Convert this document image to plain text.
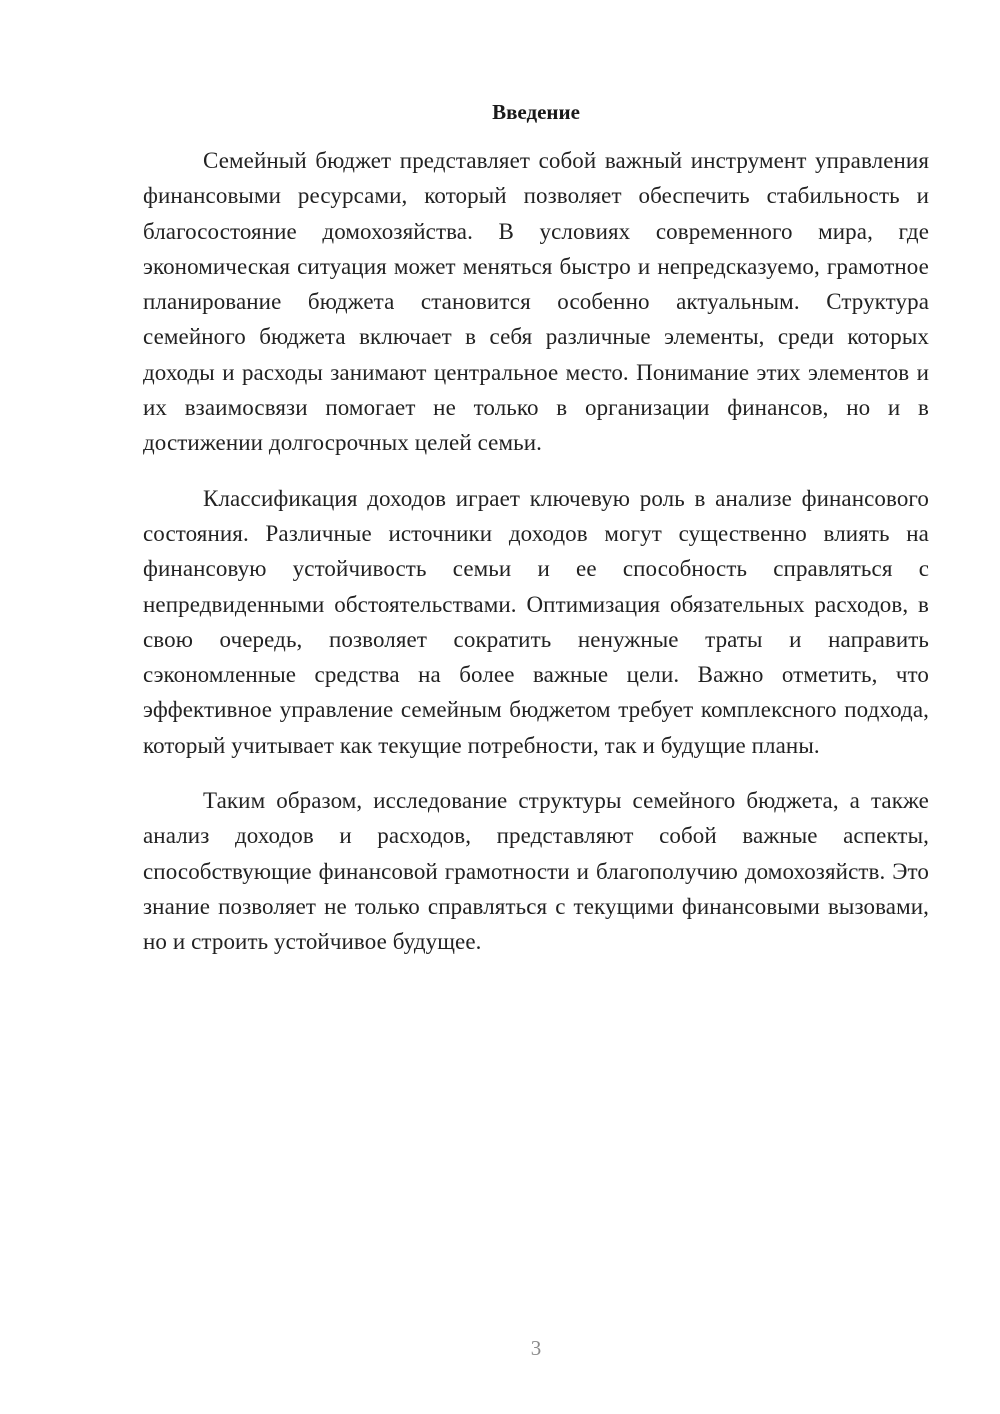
Введение

Семейный бюджет представляет собой важный инструмент управления финансовыми ресурсами, который позволяет обеспечить стабильность и благосостояние домохозяйства. В условиях современного мира, где экономическая ситуация может меняться быстро и непредсказуемо, грамотное планирование бюджета становится особенно актуальным. Структура семейного бюджета включает в себя различные элементы, среди которых доходы и расходы занимают центральное место. Понимание этих элементов и их взаимосвязи помогает не только в организации финансов, но и в достижении долгосрочных целей семьи.

Классификация доходов играет ключевую роль в анализе финансового состояния. Различные источники доходов могут существенно влиять на финансовую устойчивость семьи и ее способность справляться с непредвиденными обстоятельствами. Оптимизация обязательных расходов, в свою очередь, позволяет сократить ненужные траты и направить сэкономленные средства на более важные цели. Важно отметить, что эффективное управление семейным бюджетом требует комплексного подхода, который учитывает как текущие потребности, так и будущие планы.

Таким образом, исследование структуры семейного бюджета, а также анализ доходов и расходов, представляют собой важные аспекты, способствующие финансовой грамотности и благополучию домохозяйств. Это знание позволяет не только справляться с текущими финансовыми вызовами, но и строить устойчивое будущее.

3
